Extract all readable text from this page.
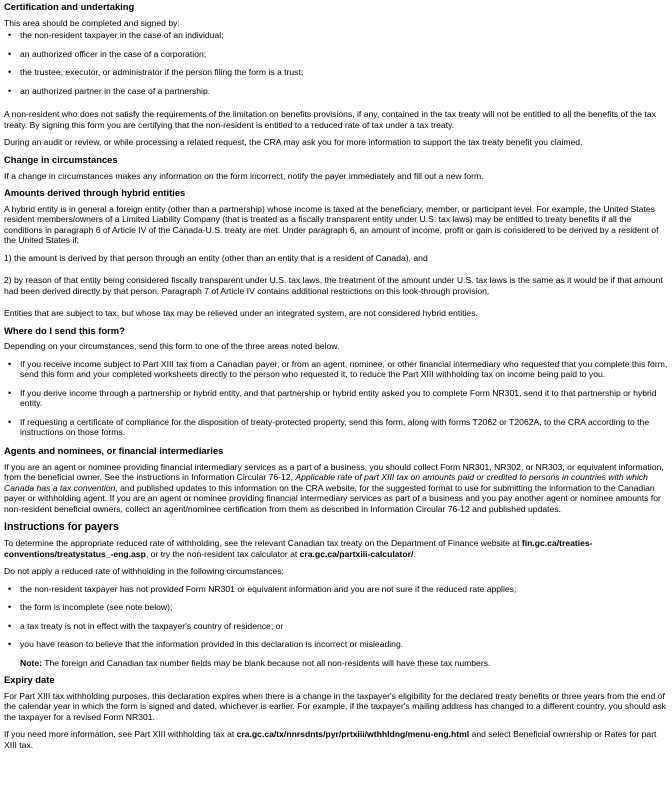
Certification and undertaking

This area should be completed and signed by:

• the non-resident taxpayer in the case of an individual;
• an authorized officer in the case of a corporation;
• the trustee, executor, or administrator if the person filing the form is a trust;
• an authorized partner in the case of a partnership.

A non-resident who does not satisfy the requirements of the limitation on benefits provisions, if any, contained in the tax treaty will not be entitled to all the benefits of the tax treaty. By signing this form you are certifying that the non-resident is entitled to a reduced rate of tax under a tax treaty.

During an audit or review, or while processing a related request, the CRA may ask you for more information to support the tax treaty benefit you claimed.

Change in circumstances

If a change in circumstances makes any information on the form incorrect, notify the payer immediately and fill out a new form.

Amounts derived through hybrid entities

A hybrid entity is in general a foreign entity (other than a partnership) whose income is taxed at the beneficiary, member, or participant level. For example, the United States resident members/owners of a Limited Liability Company (that is treated as a fiscally transparent entity under U.S. tax laws) may be entitled to treaty benefits if all the conditions in paragraph 6 of Article IV of the Canada-U.S. treaty are met. Under paragraph 6, an amount of income, profit or gain is considered to be derived by a resident of the United States if;

1) the amount is derived by that person through an entity (other than an entity that is a resident of Canada), and

2) by reason of that entity being considered fiscally transparent under U.S. tax laws, the treatment of the amount under U.S. tax laws is the same as it would be if that amount had been derived directly by that person. Paragraph 7 of Article IV contains additional restrictions on this look-through provision.

Entities that are subject to tax, but whose tax may be relieved under an integrated system, are not considered hybrid entities.

Where do I send this form?

Depending on your circumstances, send this form to one of the three areas noted below.

• If you receive income subject to Part XIII tax from a Canadian payer, or from an agent, nominee, or other financial intermediary who requested that you complete this form, send this form and your completed worksheets directly to the person who requested it, to reduce the Part XIII withholding tax on income being paid to you.
• If you derive income through a partnership or hybrid entity, and that partnership or hybrid entity asked you to complete Form NR301, send it to that partnership or hybrid entity.
• If requesting a certificate of compliance for the disposition of treaty-protected property, send this form, along with forms T2062 or T2062A, to the CRA according to the instructions on those forms.
Agents and nominees, or financial intermediaries

If you are an agent or nominee providing financial intermediary services as a part of a business, you should collect Form NR301, NR302, or NR303, or equivalent information, from the beneficial owner. See the instructions in Information Circular 76-12, Applicable rate of part XIII tax on amounts paid or credited to persons in countries with which Canada has a tax convention, and published updates to this information on the CRA website, for the suggested format to use for submitting the information to the Canadian payer or withholding agent. If you are an agent or nominee providing financial intermediary services as part of a business and you pay another agent or nominee amounts for non-resident beneficial owners, collect an agent/nominee certification from them as described in Information Circular 76-12 and published updates.

Instructions for payers

To determine the appropriate reduced rate of withholding, see the relevant Canadian tax treaty on the Department of Finance website at fin.gc.ca/treaties-conventions/treatystatus_-eng.asp, or try the non-resident tax calculator at cra.gc.ca/partxiii-calculator/.

Do not apply a reduced rate of withholding in the following circumstances:

• the non-resident taxpayer has not provided Form NR301 or equivalent information and you are not sure if the reduced rate applies;
• the form is incomplete (see note below);
• a tax treaty is not in effect with the taxpayer's country of residence; or
• you have reason to believe that the information provided in this declaration is incorrect or misleading.

Note: The foreign and Canadian tax number fields may be blank because not all non-residents will have these tax numbers.

Expiry date

For Part XIII tax withholding purposes, this declaration expires when there is a change in the taxpayer's eligibility for the declared treaty benefits or three years from the end of the calendar year in which the form is signed and dated, whichever is earlier. For example, if the taxpayer's mailing address has changed to a different country, you should ask the taxpayer for a revised Form NR301.

If you need more information, see Part XIII withholding tax at cra.gc.ca/tx/nnrsdnts/pyr/prtxiii/wthhldng/menu-eng.html and select Beneficial ownership or Rates for part XIII tax.
